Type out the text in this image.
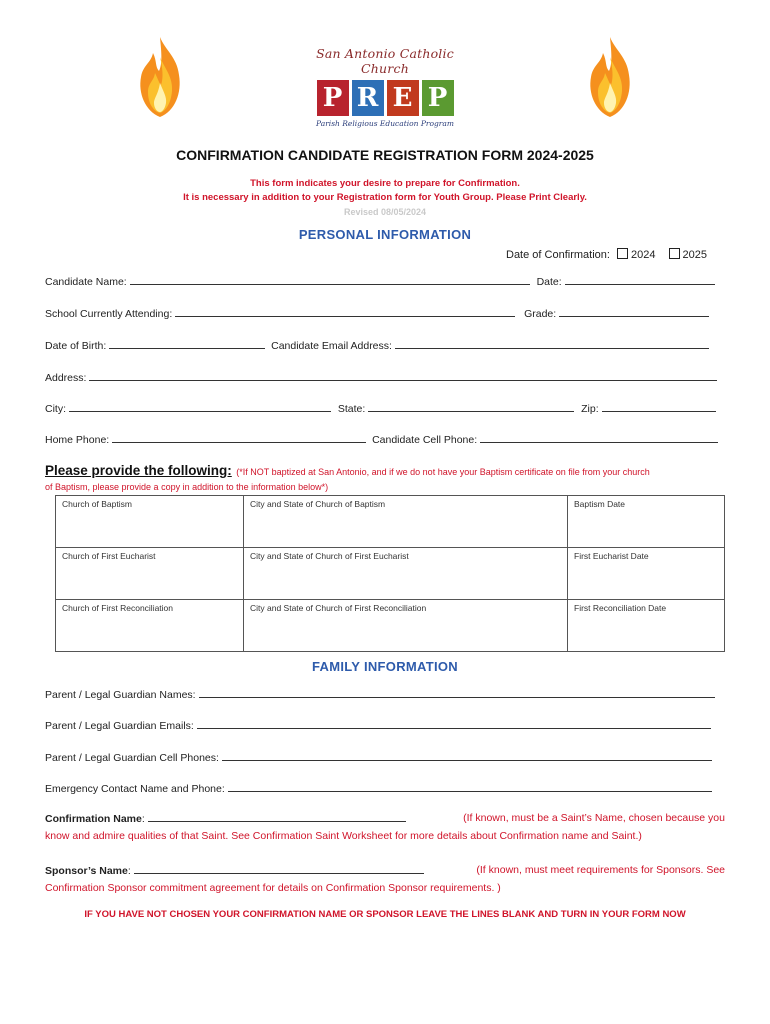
San Antonio Catholic Church
P R E P
Parish Religious Education Program
CONFIRMATION CANDIDATE REGISTRATION FORM 2024-2025
This form indicates your desire to prepare for Confirmation.
It is necessary in addition to your Registration form for Youth Group. Please Print Clearly.
Revised 08/05/2024
PERSONAL INFORMATION
Date of Confirmation: 2024 2025
Candidate Name:	Date:
School Currently Attending:	Grade:
Date of Birth:	Candidate Email Address:
Address:
City:	State:	Zip:
Home Phone:	Candidate Cell Phone:
Please provide the following: (*If NOT baptized at San Antonio, and if we do not have your Baptism certificate on file from your church
of Baptism, please provide a copy in addition to the information below*)
Church of Baptism	City and State of Church of Baptism	Baptism Date
Church of First Eucharist	City and State of Church of First Eucharist	First Eucharist Date
Church of First Reconciliation	City and State of Church of First Reconciliation	First Reconciliation Date
FAMILY INFORMATION
Parent / Legal Guardian Names:
Parent / Legal Guardian Emails:
Parent / Legal Guardian Cell Phones:
Emergency Contact Name and Phone:
Confirmation Name:	(If known, must be a Saint’s Name, chosen because you
know and admire qualities of that Saint. See Confirmation Saint Worksheet for more details about Confirmation name and Saint.)
Sponsor’s Name:	(If known, must meet requirements for Sponsors. See
Confirmation Sponsor commitment agreement for details on Confirmation Sponsor requirements. )
IF YOU HAVE NOT CHOSEN YOUR CONFIRMATION NAME OR SPONSOR LEAVE THE LINES BLANK AND TURN IN YOUR FORM NOW
